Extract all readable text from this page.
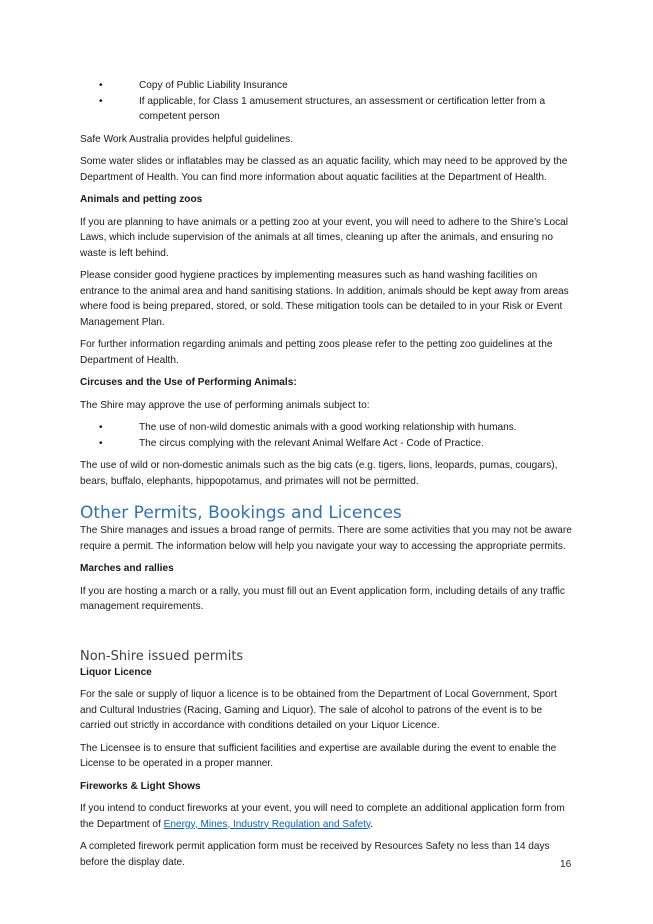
•	Copy of Public Liability Insurance
•	If applicable, for Class 1 amusement structures, an assessment or certification letter from a competent person

Safe Work Australia provides helpful guidelines.

Some water slides or inflatables may be classed as an aquatic facility, which may need to be approved by the Department of Health. You can find more information about aquatic facilities at the Department of Health.

Animals and petting zoos

If you are planning to have animals or a petting zoo at your event, you will need to adhere to the Shire’s Local Laws, which include supervision of the animals at all times, cleaning up after the animals, and ensuring no waste is left behind.

Please consider good hygiene practices by implementing measures such as hand washing facilities on entrance to the animal area and hand sanitising stations. In addition, animals should be kept away from areas where food is being prepared, stored, or sold. These mitigation tools can be detailed to in your Risk or Event Management Plan.

For further information regarding animals and petting zoos please refer to the petting zoo guidelines at the Department of Health.

Circuses and the Use of Performing Animals:

The Shire may approve the use of performing animals subject to:

•	The use of non-wild domestic animals with a good working relationship with humans.
•	The circus complying with the relevant Animal Welfare Act - Code of Practice.

The use of wild or non-domestic animals such as the big cats (e.g. tigers, lions, leopards, pumas, cougars), bears, buffalo, elephants, hippopotamus, and primates will not be permitted.

Other Permits, Bookings and Licences

The Shire manages and issues a broad range of permits. There are some activities that you may not be aware require a permit. The information below will help you navigate your way to accessing the appropriate permits.

Marches and rallies

If you are hosting a march or a rally, you must fill out an Event application form, including details of any traffic management requirements.

Non-Shire issued permits

Liquor Licence

For the sale or supply of liquor a licence is to be obtained from the Department of Local Government, Sport and Cultural Industries (Racing, Gaming and Liquor). The sale of alcohol to patrons of the event is to be carried out strictly in accordance with conditions detailed on your Liquor Licence.

The Licensee is to ensure that sufficient facilities and expertise are available during the event to enable the License to be operated in a proper manner.

Fireworks & Light Shows

If you intend to conduct fireworks at your event, you will need to complete an additional application form from the Department of Energy, Mines, Industry Regulation and Safety.

A completed firework permit application form must be received by Resources Safety no less than 14 days before the display date.	16
